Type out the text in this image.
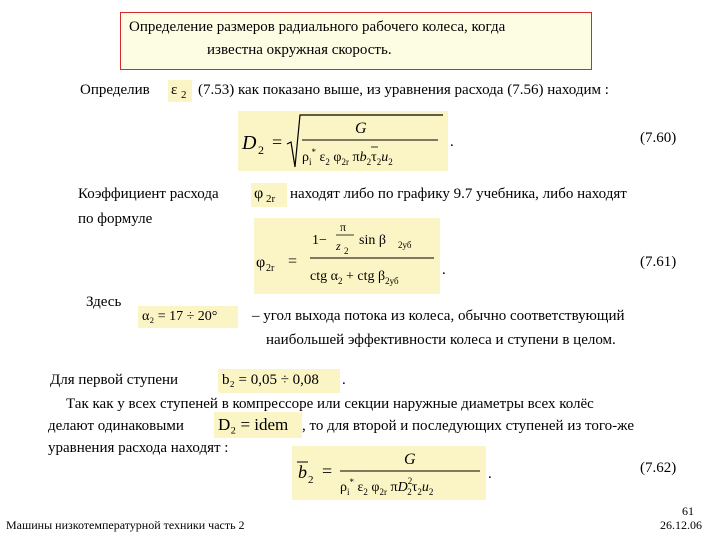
Определение размеров радиального рабочего колеса, когда
известна окружная скорость.
Определив ε 2 (7.53) как показано выше, из уравнения расхода (7.56) находим :
D 2 =
G
$\rho_i^*$ $\varepsilon_2$ $\varphi_{2r}$ $\pi b_2\tau_2u_2$
.	(7.60)
Коэффициент расхода φ 2r находят либо по графику 9.7 учебника, либо находят
по формуле
φ 2r =
1−
π
z 2
sin β 2уб
ctg $\alpha_2$ + ctg $\beta_{2уб}$
.	(7.61)
Здесь
α₂ = 17 ÷ 20° – угол выхода потока из колеса, обычно соответствующий
наибольшей эффективности колеса и ступени в целом.
Для первой ступени	b₂ = 0,05 ÷ 0,08 .
Так как у всех ступеней в компрессоре или секции наружные диаметры всех колёс
делают одинаковыми D₂ = idem , то для второй и последующих ступеней из того-же
уравнения расхода находят :
b 2 =
G
$\rho_i^*$ $\varepsilon_2$ $\varphi_{2r}$ $\pi D^2$ $2\tau_2u_2$
.	(7.62)
Машины низкотемпературной техники часть 2
61
26.12.06
